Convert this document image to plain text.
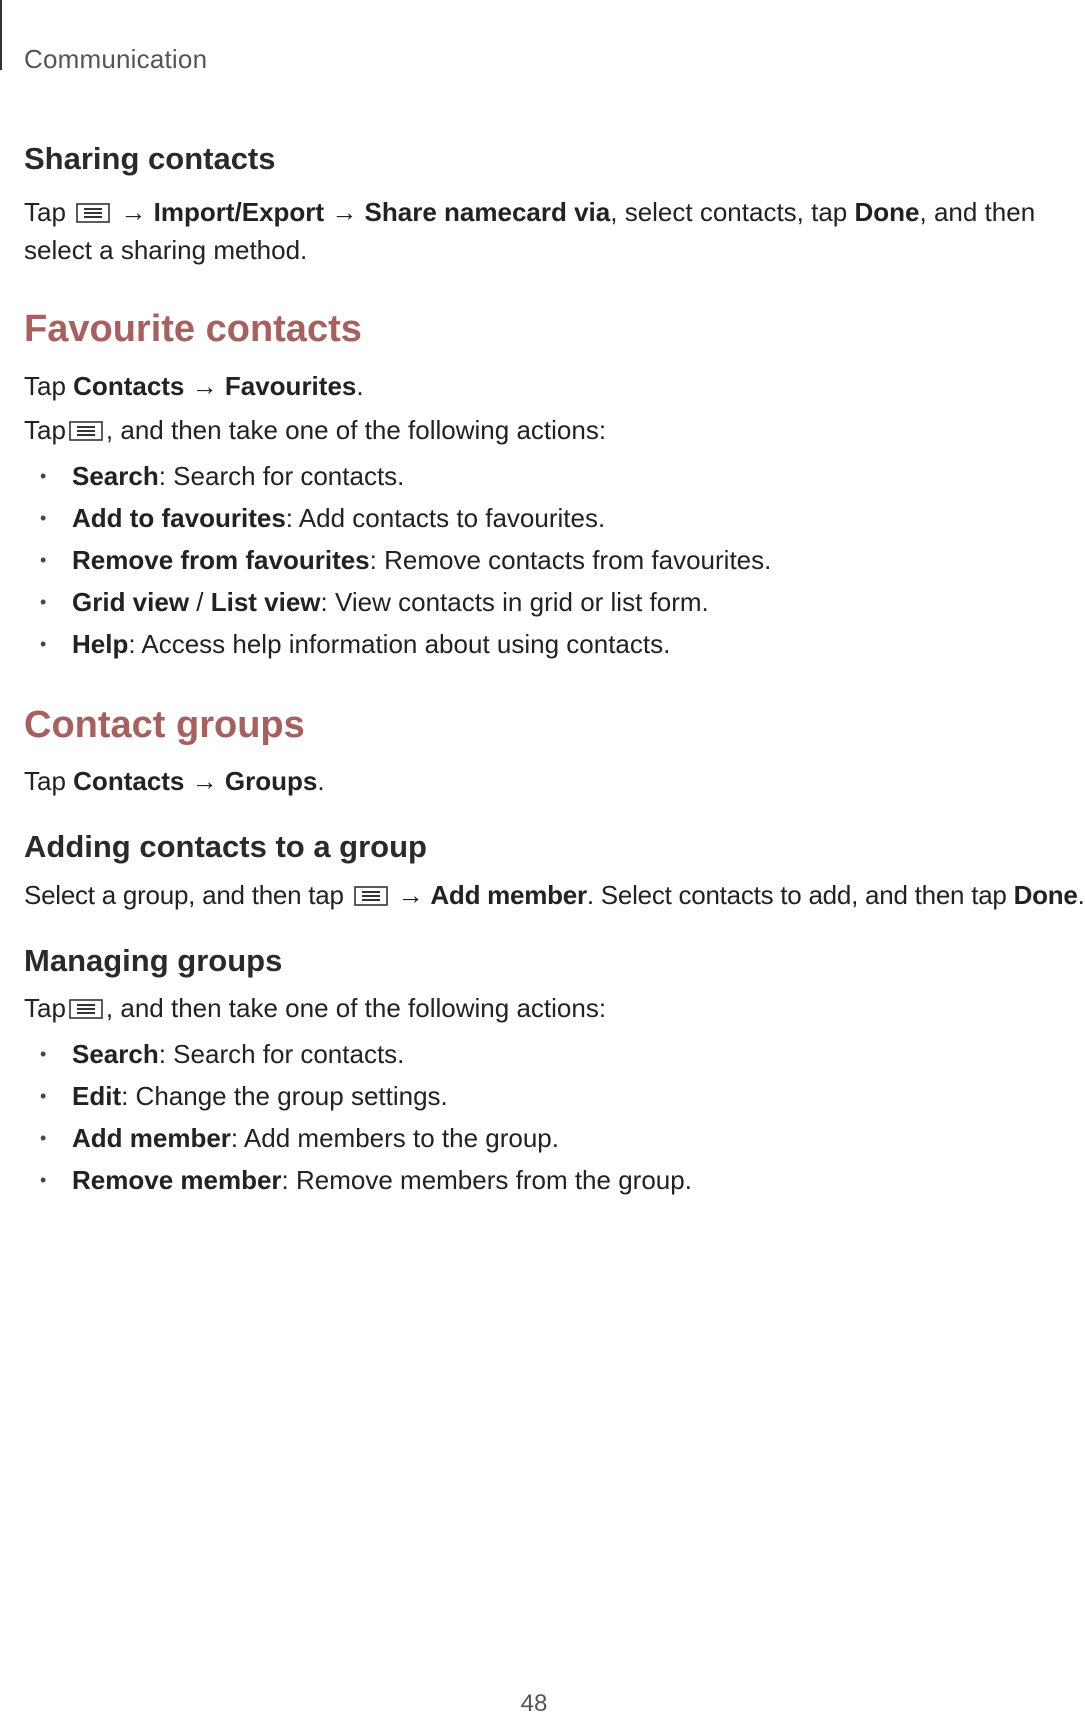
Communication
Sharing contacts

Tap → Import/Export → Share namecard via, select contacts, tap Done, and then select a sharing method.

Favourite contacts

Tap Contacts → Favourites.

Tap , and then take one of the following actions:

• Search: Search for contacts.
• Add to favourites: Add contacts to favourites.
• Remove from favourites: Remove contacts from favourites.
• Grid view / List view: View contacts in grid or list form.
• Help: Access help information about using contacts.
Contact groups

Tap Contacts → Groups.

Adding contacts to a group

Select a group, and then tap → Add member. Select contacts to add, and then tap Done.

Managing groups

Tap , and then take one of the following actions:

• Search: Search for contacts.
• Edit: Change the group settings.
• Add member: Add members to the group.
• Remove member: Remove members from the group.
48
